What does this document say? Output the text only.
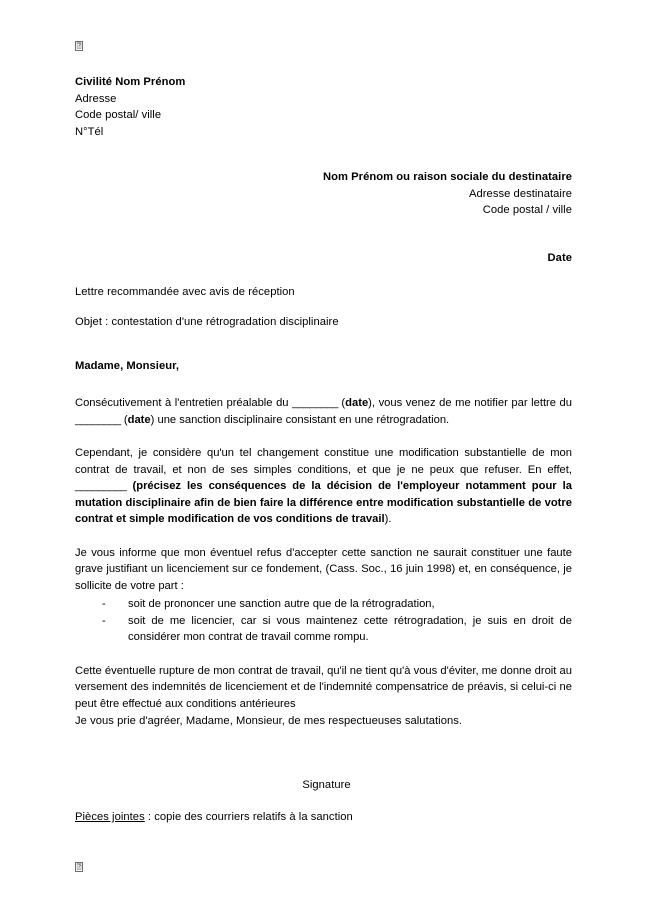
⍰
Civilité Nom Prénom
Adresse
Code postal/ ville
N°Tél
Nom Prénom ou raison sociale du destinataire
Adresse destinataire
Code postal / ville
Date
Lettre recommandée avec avis de réception
Objet : contestation d'une rétrogradation disciplinaire
Madame, Monsieur,

Consécutivement à l'entretien préalable du ________ (date), vous venez de me notifier par lettre du ________ (date) une sanction disciplinaire consistant en une rétrogradation.

Cependant, je considère qu'un tel changement constitue une modification substantielle de mon contrat de travail, et non de ses simples conditions, et que je ne peux que refuser. En effet, _________ (précisez les conséquences de la décision de l'employeur notamment pour la mutation disciplinaire afin de bien faire la différence entre modification substantielle de votre contrat et simple modification de vos conditions de travail).

Je vous informe que mon éventuel refus d'accepter cette sanction ne saurait constituer une faute grave justifiant un licenciement sur ce fondement, (Cass. Soc., 16 juin 1998) et, en conséquence, je sollicite de votre part :

- soit de prononcer une sanction autre que de la rétrogradation,
- soit de me licencier, car si vous maintenez cette rétrogradation, je suis en droit de considérer mon contrat de travail comme rompu.

Cette éventuelle rupture de mon contrat de travail, qu'il ne tient qu'à vous d'éviter, me donne droit au versement des indemnités de licenciement et de l'indemnité compensatrice de préavis, si celui-ci ne peut être effectué aux conditions antérieures

Je vous prie d'agréer, Madame, Monsieur, de mes respectueuses salutations.
Signature
Pièces jointes : copie des courriers relatifs à la sanction
⍰
